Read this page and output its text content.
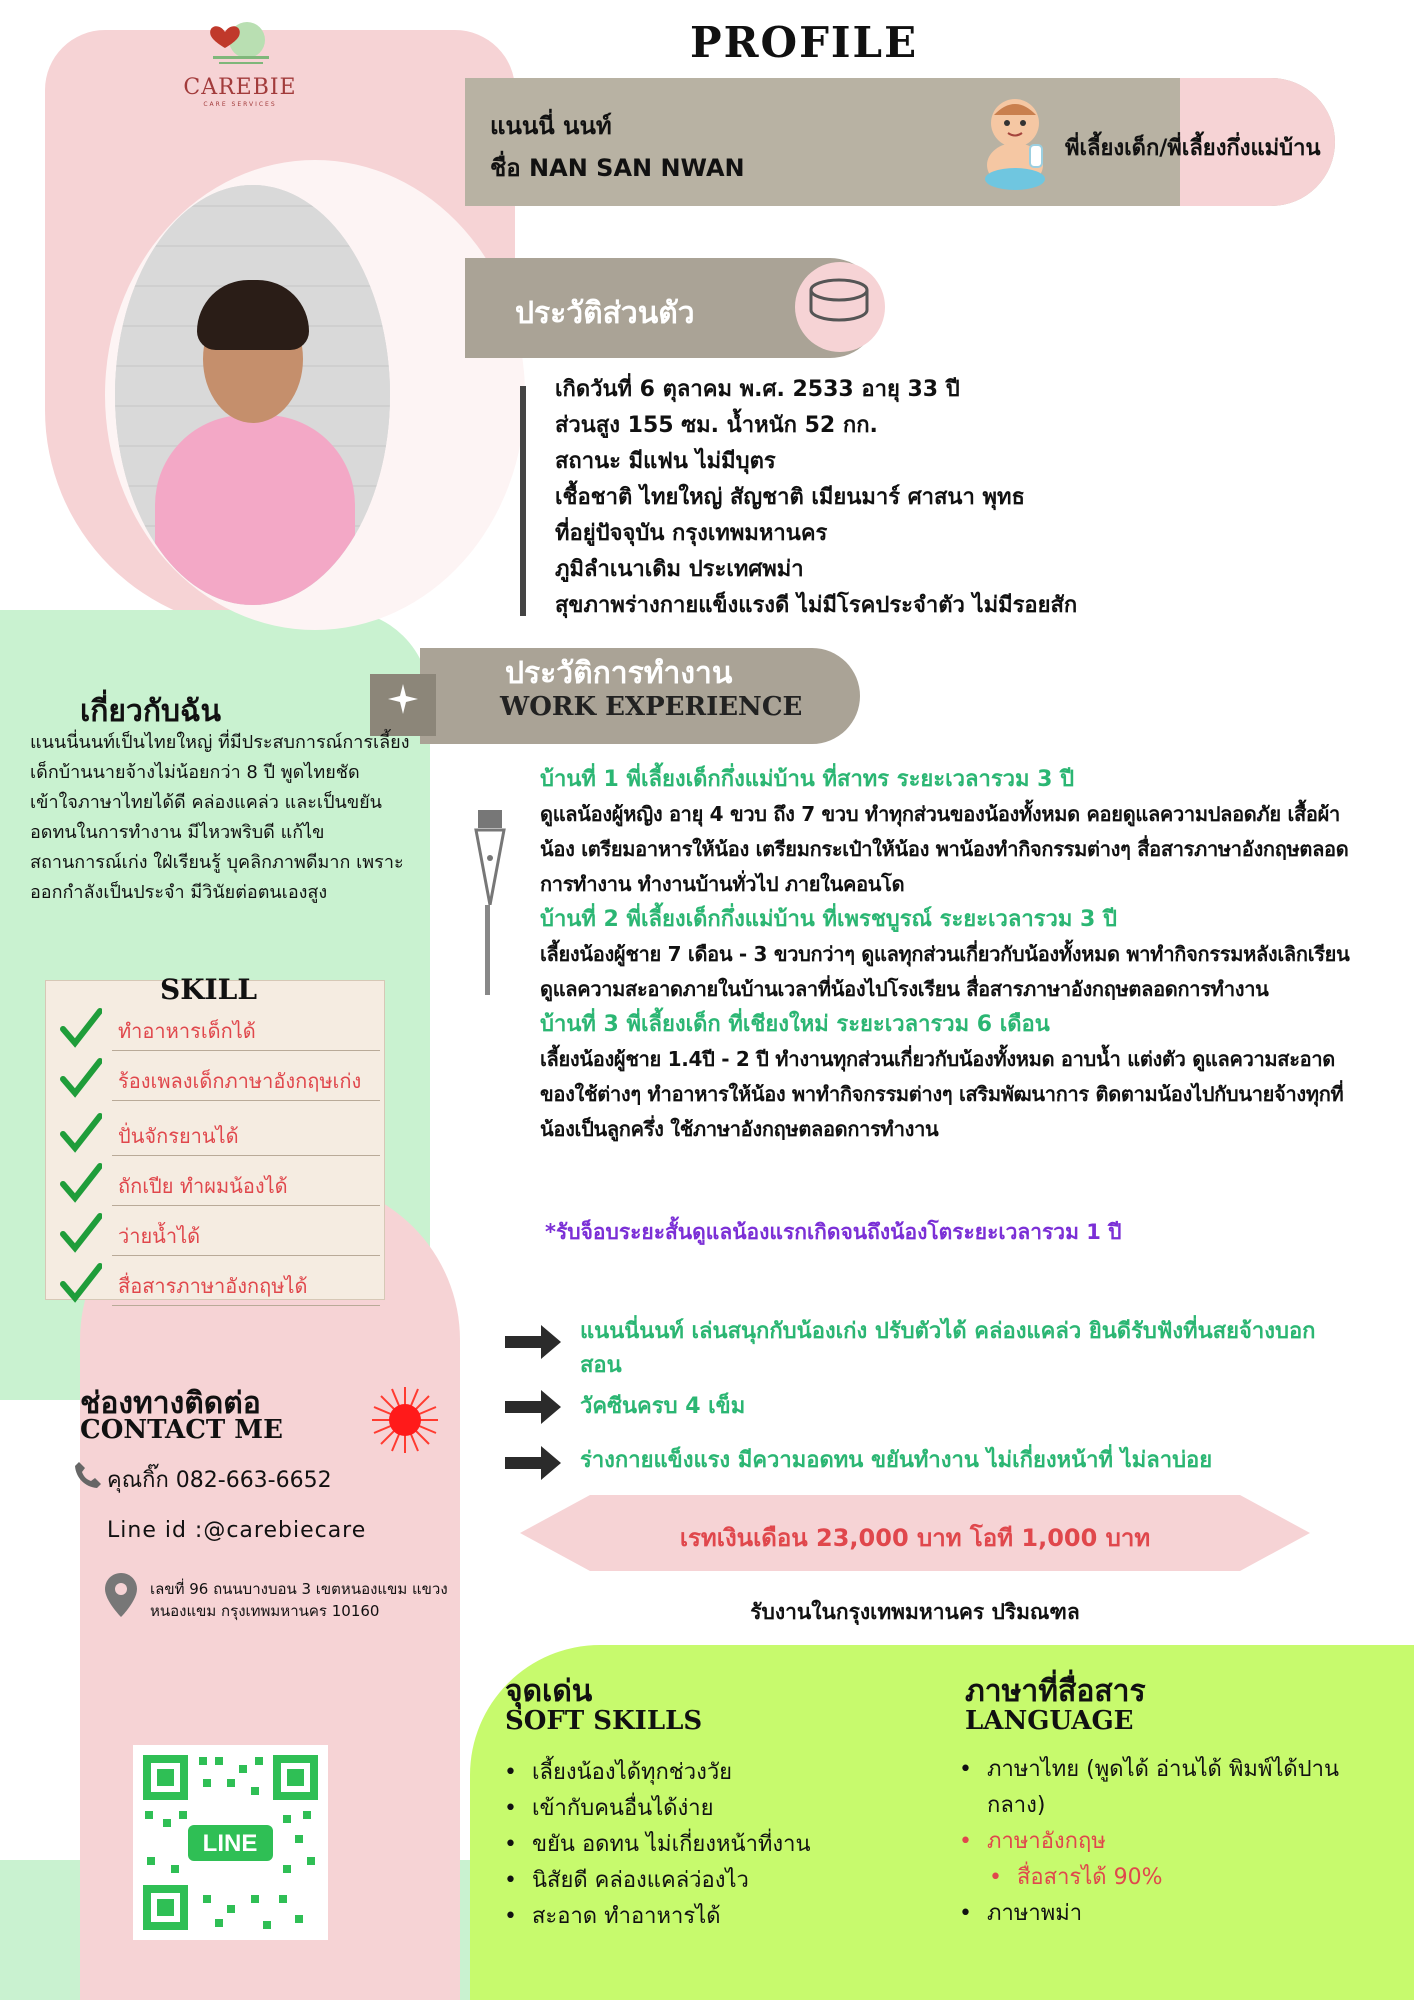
CAREBIE
CARE SERVICES
PROFILE
แนนนี่ นนท์
ชื่อ NAN SAN NWAN
พี่เลี้ยงเด็ก/พี่เลี้ยงกึ่งแม่บ้าน
ประวัติส่วนตัว
เกิดวันที่ 6 ตุลาคม พ.ศ. 2533 อายุ 33 ปี
ส่วนสูง 155 ซม. น้ำหนัก 52 กก.
สถานะ มีแฟน ไม่มีบุตร
เชื้อชาติ ไทยใหญ่ สัญชาติ เมียนมาร์ ศาสนา พุทธ
ที่อยู่ปัจจุบัน กรุงเทพมหานคร
ภูมิลำเนาเดิม ประเทศพม่า
สุขภาพร่างกายแข็งแรงดี ไม่มีโรคประจำตัว ไม่มีรอยสัก
ประวัติการทำงาน
WORK EXPERIENCE
บ้านที่ 1 พี่เลี้ยงเด็กกึ่งแม่บ้าน ที่สาทร ระยะเวลารวม 3 ปี
ดูแลน้องผู้หญิง อายุ 4 ขวบ ถึง 7 ขวบ ทำทุกส่วนของน้องทั้งหมด คอยดูแลความปลอดภัย เสื้อผ้าน้อง เตรียมอาหารให้น้อง เตรียมกระเป๋าให้น้อง พาน้องทำกิจกรรมต่างๆ สื่อสารภาษาอังกฤษตลอดการทำงาน ทำงานบ้านทั่วไป ภายในคอนโด
บ้านที่ 2 พี่เลี้ยงเด็กกึ่งแม่บ้าน ที่เพรชบูรณ์ ระยะเวลารวม 3 ปี
เลี้ยงน้องผู้ชาย 7 เดือน - 3 ขวบกว่าๆ ดูแลทุกส่วนเกี่ยวกับน้องทั้งหมด พาทำกิจกรรมหลังเลิกเรียน ดูแลความสะอาดภายในบ้านเวลาที่น้องไปโรงเรียน สื่อสารภาษาอังกฤษตลอดการทำงาน
บ้านที่ 3 พี่เลี้ยงเด็ก ที่เชียงใหม่ ระยะเวลารวม 6 เดือน
เลี้ยงน้องผู้ชาย 1.4ปี - 2 ปี ทำงานทุกส่วนเกี่ยวกับน้องทั้งหมด อาบน้ำ แต่งตัว ดูแลความสะอาดของใช้ต่างๆ ทำอาหารให้น้อง พาทำกิจกรรมต่างๆ เสริมพัฒนาการ ติดตามน้องไปกับนายจ้างทุกที่ น้องเป็นลูกครึ่ง ใช้ภาษาอังกฤษตลอดการทำงาน
*รับจ็อบระยะสั้นดูแลน้องแรกเกิดจนถึงน้องโตระยะเวลารวม 1 ปี
เกี่ยวกับฉัน
แนนนี่นนท์เป็นไทยใหญ่ ที่มีประสบการณ์การเลี้ยงเด็กบ้านนายจ้างไม่น้อยกว่า 8 ปี พูดไทยชัด เข้าใจภาษาไทยได้ดี คล่องแคล่ว และเป็นขยัน อดทนในการทำงาน มีไหวพริบดี แก้ไขสถานการณ์เก่ง ใฝ่เรียนรู้ บุคลิกภาพดีมาก เพราะออกกำลังเป็นประจำ มีวินัยต่อตนเองสูง
SKILL
ทำอาหารเด็กได้
ร้องเพลงเด็กภาษาอังกฤษเก่ง
ปั่นจักรยานได้
ถักเปีย ทำผมน้องได้
ว่ายน้ำได้
สื่อสารภาษาอังกฤษได้
ช่องทางติดต่อ
CONTACT ME
คุณกิ๊ก 082-663-6652
Line id :@carebiecare
เลขที่ 96 ถนนบางบอน 3 เขตหนองแขม แขวงหนองแขม กรุงเทพมหานคร 10160
LINE
แนนนี่นนท์ เล่นสนุกกับน้องเก่ง ปรับตัวได้ คล่องแคล่ว ยินดีรับฟังที่นสยจ้างบอกสอน
วัคซีนครบ 4 เข็ม
ร่างกายแข็งแรง มีความอดทน ขยันทำงาน ไม่เกี่ยงหน้าที่ ไม่ลาบ่อย
เรทเงินเดือน 23,000 บาท โอที 1,000 บาท
รับงานในกรุงเทพมหานคร ปริมณฑล
จุดเด่น
SOFT SKILLS
• เลี้ยงน้องได้ทุกช่วงวัย
• เข้ากับคนอื่นได้ง่าย
• ขยัน อดทน ไม่เกี่ยงหน้าที่งาน
• นิสัยดี คล่องแคล่ว่องไว
• สะอาด ทำอาหารได้
ภาษาที่สื่อสาร
LANGUAGE
• ภาษาไทย (พูดได้ อ่านได้ พิมพ์ได้ปานกลาง)
• ภาษาอังกฤษ
• สื่อสารได้ 90%
• ภาษาพม่า
